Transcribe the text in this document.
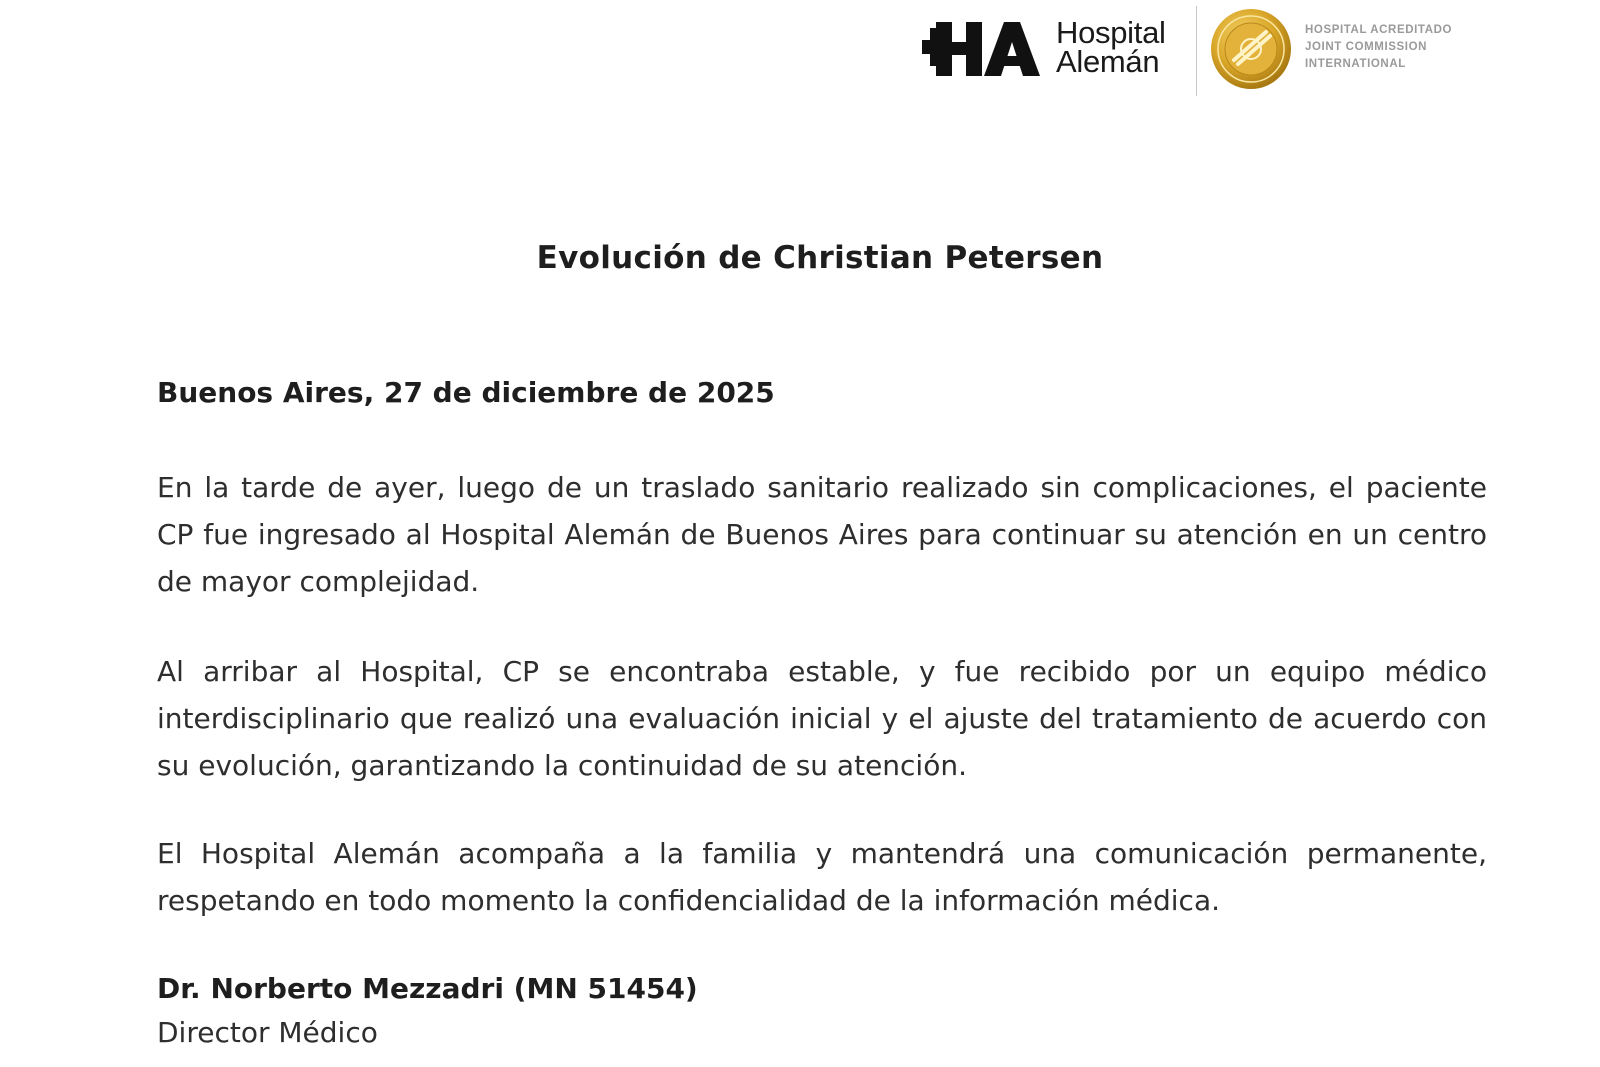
Hospital
Alemán
HOSPITAL ACREDITADO
JOINT COMMISSION
INTERNATIONAL
Evolución de Christian Petersen
Buenos Aires, 27 de diciembre de 2025
En la tarde de ayer, luego de un traslado sanitario realizado sin complicaciones, el paciente CP fue ingresado al Hospital Alemán de Buenos Aires para continuar su atención en un centro de mayor complejidad.
Al arribar al Hospital, CP se encontraba estable, y fue recibido por un equipo médico interdisciplinario que realizó una evaluación inicial y el ajuste del tratamiento de acuerdo con su evolución, garantizando la continuidad de su atención.
El Hospital Alemán acompaña a la familia y mantendrá una comunicación permanente, respetando en todo momento la confidencialidad de la información médica.
Dr. Norberto Mezzadri (MN 51454)
Director Médico
